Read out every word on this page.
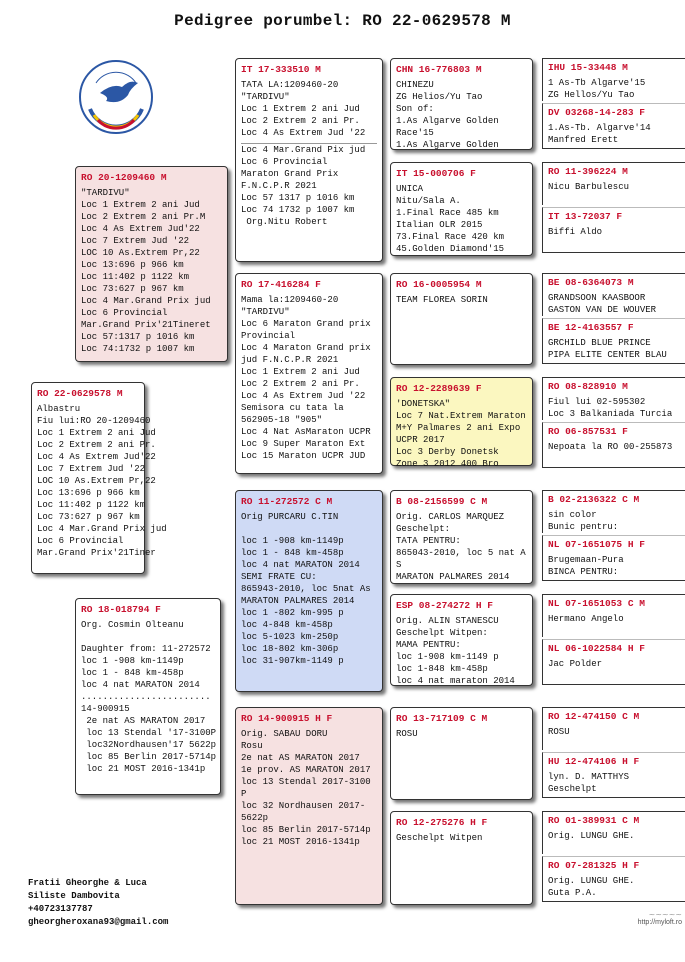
Pedigree porumbel: RO 22-0629578 M
RO 22-0629578 M
Albastru
Fiu lui:RO 20-1209460
Loc 1 Extrem 2 ani Jud
Loc 2 Extrem 2 ani Pr.
Loc 4 As Extrem Jud'22
Loc 7 Extrem Jud '22
LOC 10 As.Extrem Pr,22
Loc 13:696 p 966 km
Loc 11:402 p 1122 km
Loc 73:627 p 967 km
Loc 4 Mar.Grand Prix jud
Loc 6 Provincial
Mar.Grand Prix'21Tiner
RO 20-1209460 M
"TARDIVU"
Loc 1 Extrem 2 ani Jud
Loc 2 Extrem 2 ani Pr.M
Loc 4 As Extrem Jud'22
Loc 7 Extrem Jud '22
LOC 10 As.Extrem Pr,22
Loc 13:696 p 966 km
Loc 11:402 p 1122 km
Loc 73:627 p 967 km
Loc 4 Mar.Grand Prix jud
Loc 6 Provincial
Mar.Grand Prix'21Tineret
Loc 57:1317 p 1016 km
Loc 74:1732 p 1007 km
RO 18-018794 F
Org. Cosmin Olteanu

Daughter from: 11-272572
loc 1 -908 km-1149p
loc 1 - 848 km-458p
loc 4 nat MARATON 2014
........................
14-900915
2e nat AS MARATON 2017
loc 13 Stendal '17-3100P
loc32Nordhausen'17 5622p
loc 85 Berlin 2017-5714p
loc 21 MOST 2016-1341p
IT 17-333510 M
TATA LA:1209460-20
"TARDIVU"
Loc 1 Extrem 2 ani Jud
Loc 2 Extrem 2 ani Pr.
Loc 4 As Extrem Jud '22
Loc 4 Mar.Grand Pix jud
Loc 6 Provincial
Maraton Grand Prix
F.N.C.P.R 2021
Loc 57 1317 p 1016 km
Loc 74 1732 p 1007 km
Org.Nitu Robert
RO 17-416284 F
Mama la:1209460-20
"TARDIVU"
Loc 6 Maraton Grand prix
Provincial
Loc 4 Maraton Grand prix
jud F.N.C.P.R 2021
Loc 1 Extrem 2 ani Jud
Loc 2 Extrem 2 ani Pr.
Loc 4 As Extrem Jud '22
Semisora cu tata la
562905-18 "905"
Loc 4 Nat AsMaraton UCPR
Loc 9 Super Maraton Ext
Loc 15 Maraton UCPR JUD
RO 11-272572 C M
Orig PURCARU C.TIN

loc 1 -908 km-1149p
loc 1 - 848 km-458p
loc 4 nat MARATON 2014
SEMI FRATE CU:
865943-2010, loc 5nat As
MARATON PALMARES 2014
loc 1 -802 km-995 p
loc 4-848 km-458p
loc 5-1023 km-250p
loc 18-802 km-306p
loc 31-907km-1149 p
RO 14-900915 H F
Orig. SABAU DORU
Rosu
2e nat AS MARATON 2017
1e prov. AS MARATON 2017
loc 13 Stendal 2017-3100
P
loc 32 Nordhausen 2017-
5622p
loc 85 Berlin 2017-5714p
loc 21 MOST 2016-1341p
CHN 16-776803 M
CHINEZU
ZG Helios/Yu Tao
Son of:
1.As Algarve Golden
Race'15
1.As Algarve Golden
IT 15-000706 F
UNICA
Nitu/Sala A.
1.Final Race 485 km
Italian OLR 2015
73.Final Race 420 km
45.Golden Diamond'15
RO 16-0005954 M
TEAM FLOREA SORIN
RO 12-2289639 F
'DONETSKA"
Loc 7 Nat.Extrem Maraton
M+Y Palmares 2 ani Expo
UCPR 2017
Loc 3 Derby Donetsk
Zone 3 2012 400 Bro
B 08-2156599 C M
Orig. CARLOS MARQUEZ
Geschelpt:
TATA PENTRU:
865043-2010, loc 5 nat A
S
MARATON PALMARES 2014
ESP 08-274272 H F
Orig. ALIN STANESCU
Geschelpt Witpen:
MAMA PENTRU:
loc 1-908 km-1149 p
loc 1-848 km-458p
loc 4 nat maraton 2014
RO 13-717109 C M
ROSU
RO 12-275276 H F
Geschelpt Witpen
IHU 15-33448 M
1 As-Tb Algarve'15
ZG Hellos/Yu Tao
DV 03268-14-283 F
1.As-Tb. Algarve'14
Manfred Erett
RO 11-396224 M
Nicu Barbulescu
IT 13-72037 F
Biffi Aldo
BE 08-6364073 M
GRANDSOON KAASBOOR
GASTON VAN DE WOUVER
BE 12-4163557 F
GRCHILD BLUE PRINCE
PIPA ELITE CENTER BLAU
RO 08-828910 M
Fiul lui 02-595302
Loc 3 Balkaniada Turcia
RO 06-857531 F
Nepoata la RO 00-255873
B 02-2136322 C M
sin color
Bunic pentru:
NL 07-1651075 H F
Brugemaan-Pura
BINCA PENTRU:
NL 07-1651053 C M
Hermano Angelo
NL 06-1022584 H F
Jac Polder
RO 12-474150 C M
ROSU
HU 12-474106 H F
lyn. D. MATTHYS
Geschelpt
RO 01-389931 C M
Orig. LUNGU GHE.
RO 07-281325 H F
Orig. LUNGU GHE.
Guta P.A.
Fratii Gheorghe & Luca
Siliste Dambovita
+40723137787
gheorgheroxana93@gmail.com
~~~~~
http://myloft.ro
